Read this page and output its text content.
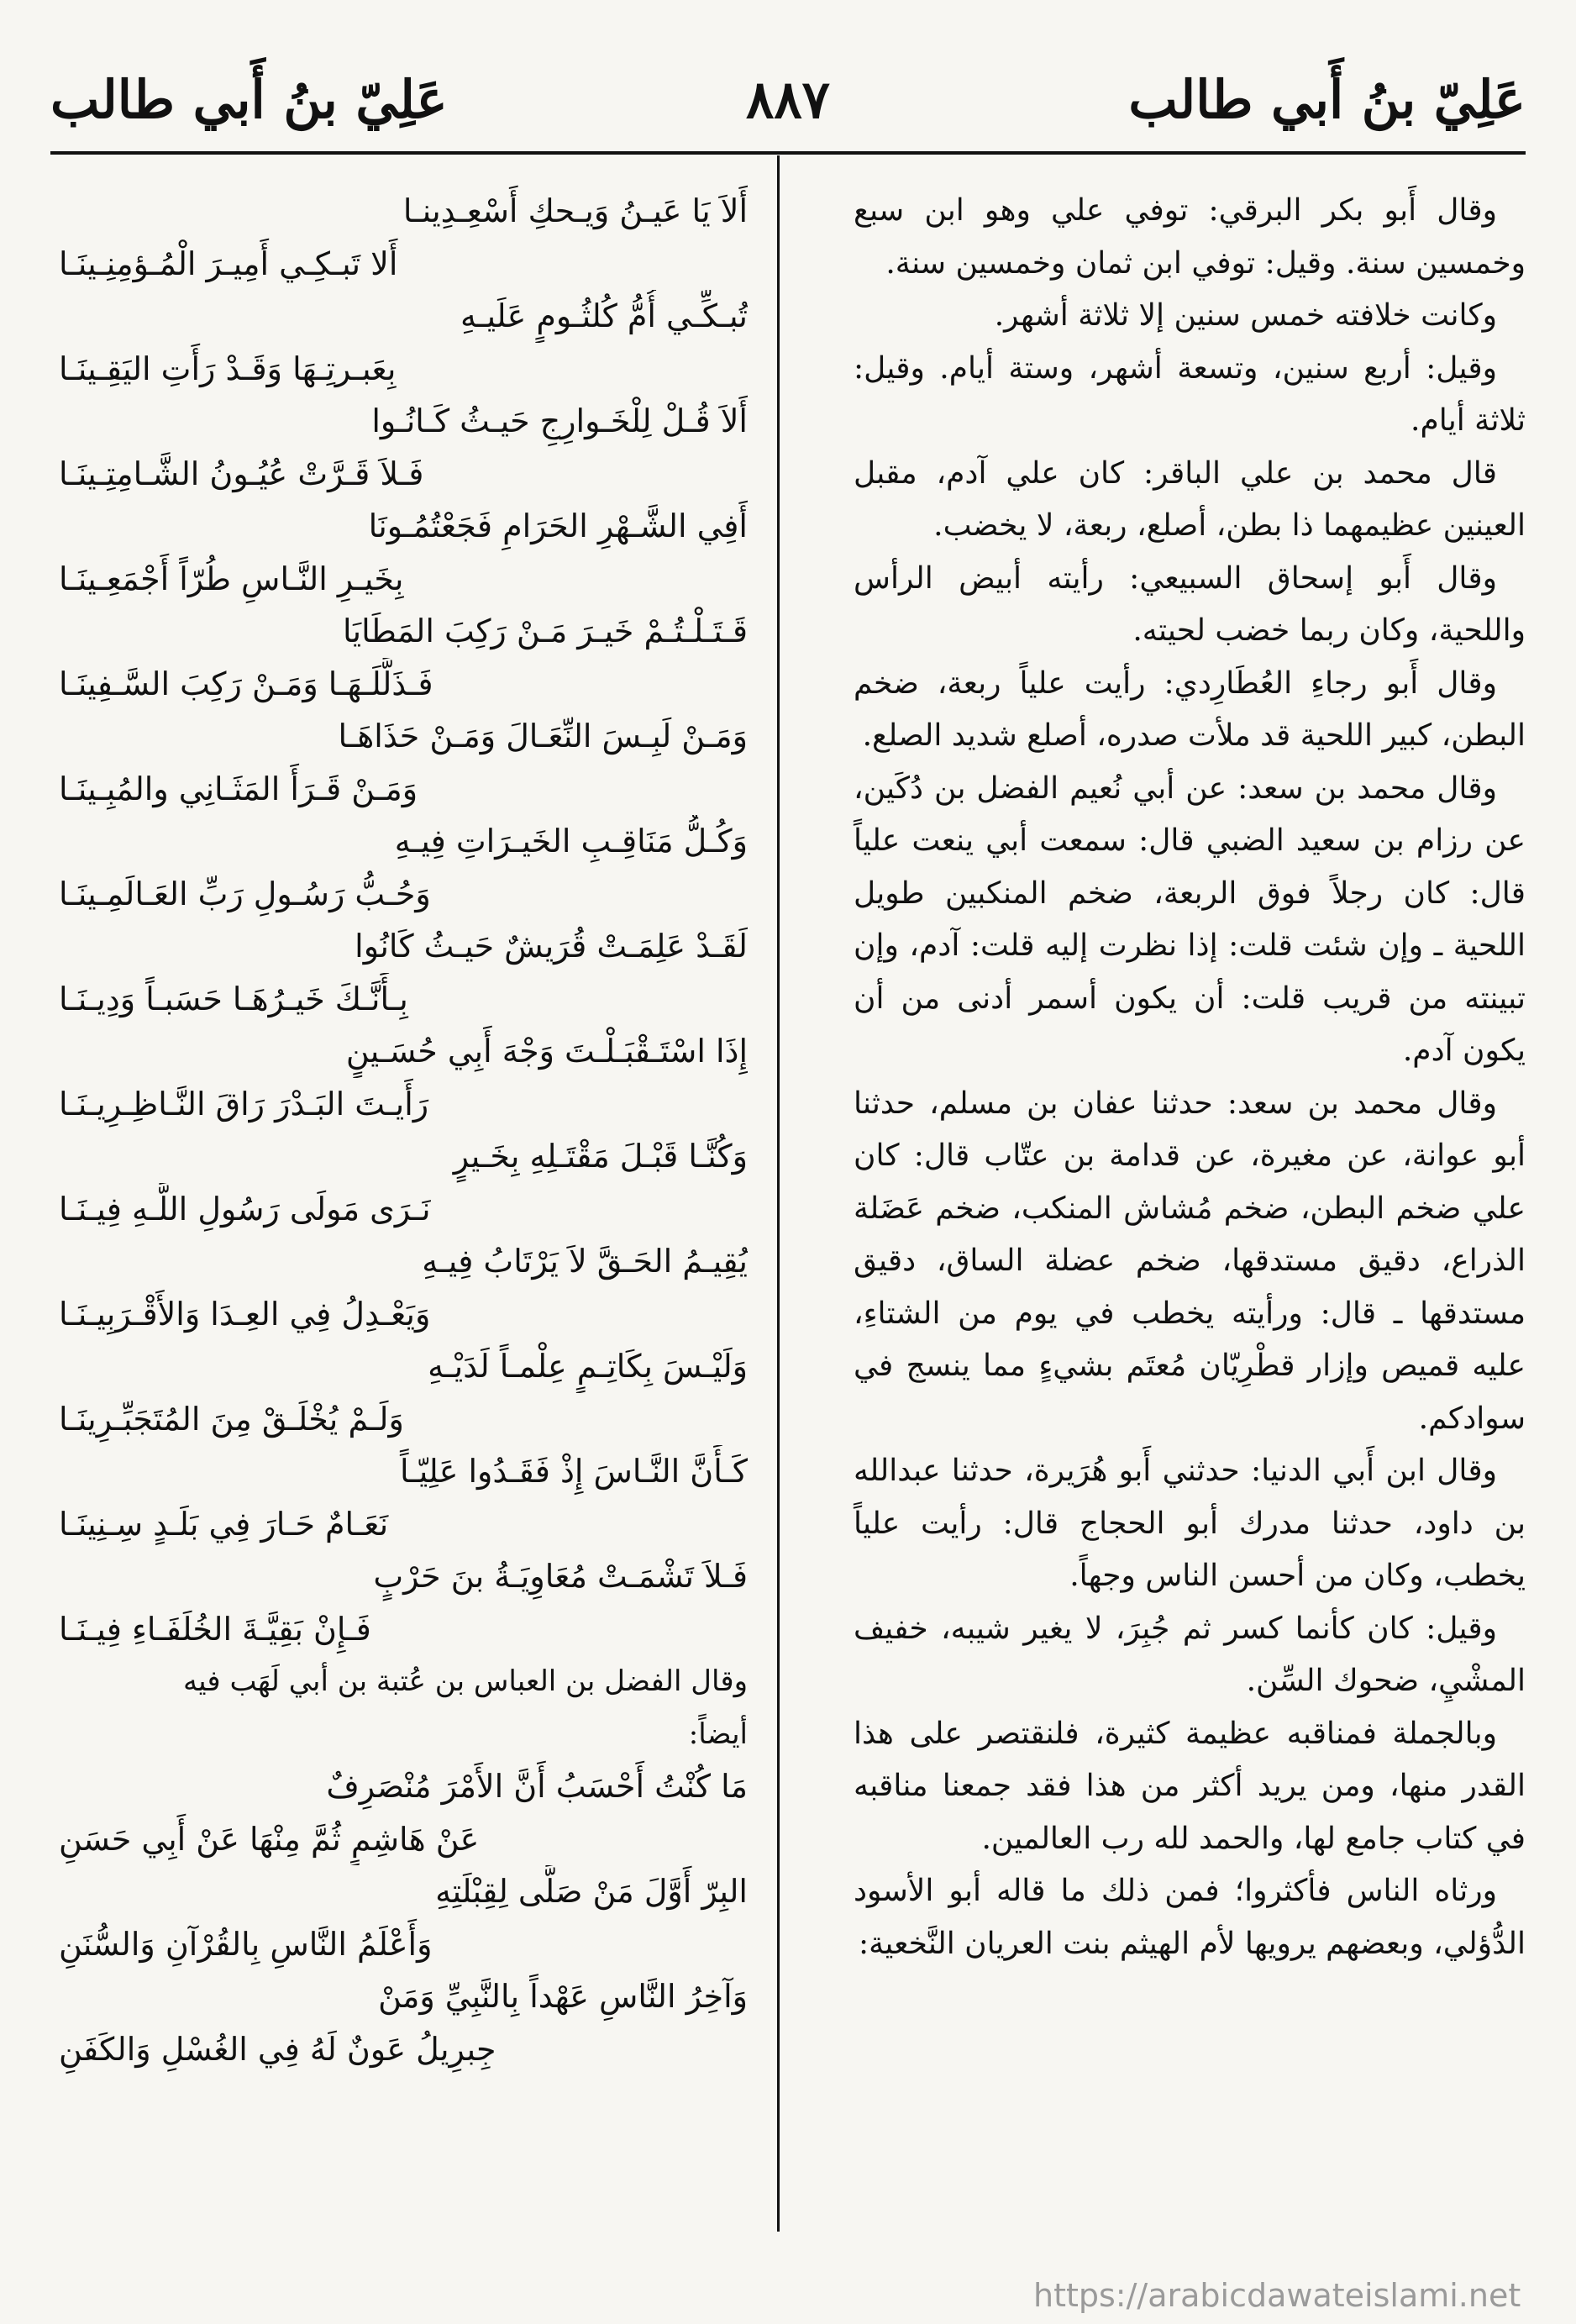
عَلِيّ بنُ أَبي طالب
٨٨٧
عَلِيّ بنُ أَبي طالب

وقال أَبو بكر البرقي: توفي علي وهو ابن سبع وخمسين سنة. وقيل: توفي ابن ثمان وخمسين سنة.

وكانت خلافته خمس سنين إلا ثلاثة أشهر.

وقيل: أربع سنين، وتسعة أشهر، وستة أيام. وقيل: ثلاثة أيام.

قال محمد بن علي الباقر: كان علي آدم، مقبل العينين عظيمهما ذا بطن، أصلع، ربعة، لا يخضب.

وقال أَبو إسحاق السبيعي: رأيته أبيض الرأس واللحية، وكان ربما خضب لحيته.

وقال أَبو رجاءِ العُطَارِدي: رأيت علياً ربعة، ضخم البطن، كبير اللحية قد ملأت صدره، أصلع شديد الصلع.

وقال محمد بن سعد: عن أبي نُعيم الفضل بن دُكَين، عن رزام بن سعيد الضبي قال: سمعت أبي ينعت علياً قال: كان رجلاً فوق الربعة، ضخم المنكبين طويل اللحية ـ وإن شئت قلت: إذا نظرت إليه قلت: آدم، وإن تبينته من قريب قلت: أن يكون أسمر أدنى من أن يكون آدم.

وقال محمد بن سعد: حدثنا عفان بن مسلم، حدثنا أبو عوانة، عن مغيرة، عن قدامة بن عتّاب قال: كان علي ضخم البطن، ضخم مُشاش المنكب، ضخم عَضَلة الذراع، دقيق مستدقها، ضخم عضلة الساق، دقيق مستدقها ـ قال: ورأيته يخطب في يوم من الشتاءِ، عليه قميص وإزار قطْرِيّان مُعتَم بشيءٍ مما ينسج في سوادكم.

وقال ابن أَبي الدنيا: حدثني أَبو هُرَيرة، حدثنا عبدالله بن داود، حدثنا مدرك أبو الحجاج قال: رأيت علياً يخطب، وكان من أحسن الناس وجهاً.

وقيل: كان كأنما كسر ثم جُبِرَ، لا يغير شيبه، خفيف المشْيِ، ضحوك السِّن.

وبالجملة فمناقبه عظيمة كثيرة، فلنقتصر على هذا القدر منها، ومن يريد أكثر من هذا فقد جمعنا مناقبه في كتاب جامع لها، والحمد لله رب العالمين.

ورثاه الناس فأكثروا؛ فمن ذلك ما قاله أبو الأسود الدُّؤلي، وبعضهم يرويها لأم الهيثم بنت العريان النَّخعية:

أَلاَ يَا عَيـنُ وَيـحكِ أَسْعِـدِينـا
أَلا تَبـكِـي أَمِيـرَ الْمُـؤمِنِـينَـا
تُبـكِّـي أُمُّ كُلثُـومٍ عَلَيـهِ
بِعَبـرتِـهَا وَقَـدْ رَأَتِ اليَقِـينَـا
أَلاَ قُـلْ لِلْخَـوارِجِ حَيـثُ كَـانُـوا
فَـلاَ قَـرَّتْ عُيُـونُ الشَّـامِتِـينَـا
أَفِي الشَّـهْرِ الحَرَامِ فَجَعْتُمُـونَا
بِخَيـرِ النَّـاسِ طُرّاً أَجْمَعِـينَـا
قَـتَـلْـتُـمْ خَيـرَ مَـنْ رَكِبَ المَطَايَا
فَـذَلَّلَـهَـا وَمَـنْ رَكِبَ السَّـفِينَـا
وَمَـنْ لَبِـسَ النِّعَـالَ وَمَـنْ حَذَاهَـا
وَمَـنْ قَـرَأَ المَثَـانِي والمُبِـينَـا
وَكُـلُّ مَنَاقِـبِ الخَيـرَاتِ فِيـهِ
وَحُـبُّ رَسُـولِ رَبِّ العَـالَمِـينَـا
لَقَـدْ عَلِمَـتْ قُرَيشٌ حَيـثُ كَانُوا
بِـأَنَّـكَ خَيـرُهَـا حَسَبـاً وَدِيـنَـا
إِذَا اسْتَـقْبَـلْـتَ وَجْهَ أَبِي حُسَـينٍ
رَأَيـتَ البَـدْرَ رَاقَ النَّـاظِـرِيـنَـا
وَكُنَّـا قَبْـلَ مَقْتَـلِهِ بِخَـيرٍ
نَـرَى مَولَى رَسُولِ اللَّـهِ فِيـنَـا
يُقِيـمُ الحَـقَّ لاَ يَرْتَابُ فِيـهِ
وَيَعْـدِلُ فِي العِـدَا وَالأَقْـرَبِيـنَـا
وَلَيْـسَ بِكَاتِـمٍ عِلْمـاً لَدَيْـهِ
وَلَـمْ يُخْلَـقْ مِنَ المُتَجَبِّـرِينَـا
كَـأَنَّ النَّـاسَ إِذْ فَقَـدُوا عَلِيّـاً
نَعَـامٌ حَـارَ فِي بَلَـدٍ سِـنِينَـا
فَـلاَ تَشْمَـتْ مُعَاوِيَـةُ بنَ حَرْبٍ
فَـإِنْ بَقِيَّـةَ الخُلَفَـاءِ فِيـنَـا
وقال الفضل بن العباس بن عُتبة بن أبي لَهَب فيه
أيضاً:
مَا كُنْتُ أَحْسَبُ أَنَّ الأَمْرَ مُنْصَرِفٌ
عَنْ هَاشِمٍ ثُمَّ مِنْهَا عَنْ أَبِي حَسَنِ
البِرّ أَوَّلَ مَنْ صَلَّى لِقِبْلَتِهِ
وَأَعْلَمُ النَّاسِ بِالقُرْآنِ وَالسُّنَنِ
وَآخِرُ النَّاسِ عَهْداً بِالنَّبِيِّ وَمَنْ
جِبرِيلُ عَونٌ لَهُ فِي الغُسْلِ وَالكَفَنِ
https://arabicdawateislami.net
